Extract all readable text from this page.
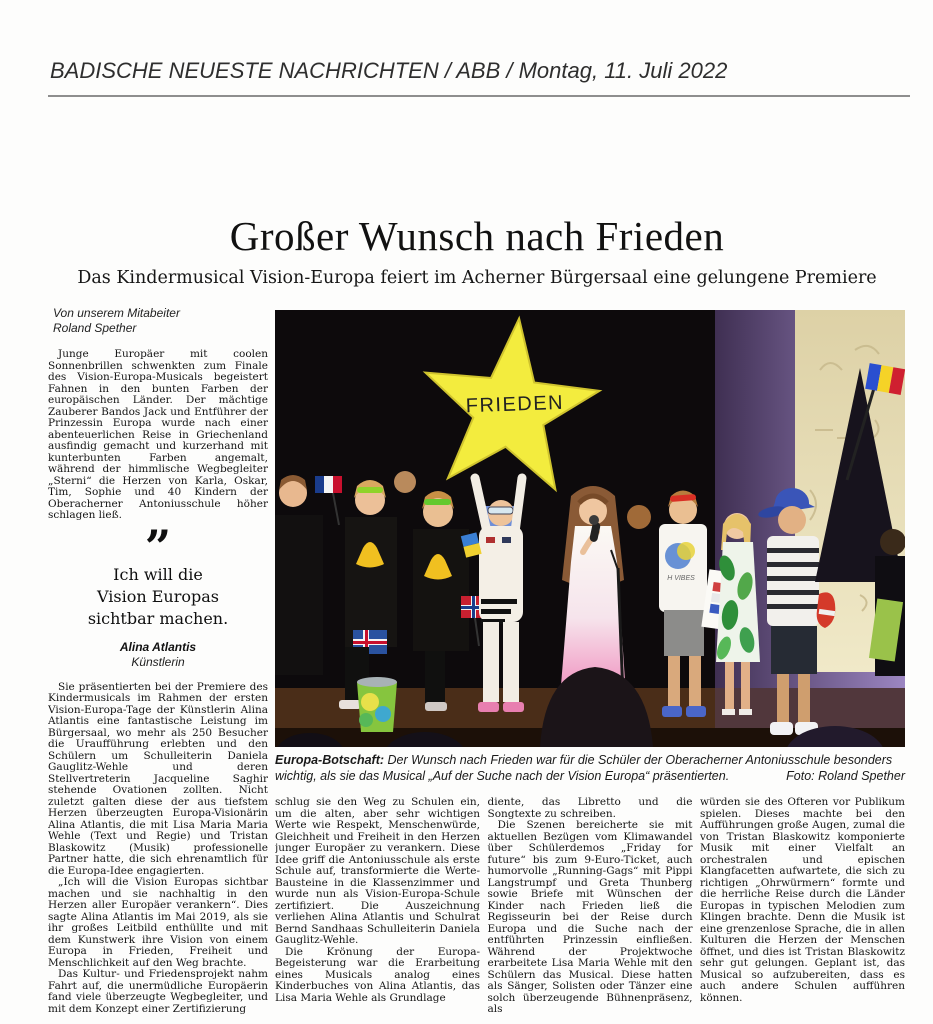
BADISCHE NEUESTE NACHRICHTEN / ABB / Montag, 11. Juli 2022
Großer Wunsch nach Frieden
Das Kindermusical Vision-Europa feiert im Acherner Bürgersaal eine gelungene Premiere
Von unserem Mitabeiter
Roland Spether

Junge Europäer mit coolen Sonnenbrillen schwenkten zum Finale des Vision-Europa-Musicals begeistert Fahnen in den bunten Farben der europäischen Länder. Der mächtige Zauberer Bandos Jack und Entführer der Prinzessin Europa wurde nach einer abenteuerlichen Reise in Griechenland ausfindig gemacht und kurzerhand mit kunterbunten Farben angemalt, während der himmlische Wegbegleiter „Sterni“ die Herzen von Karla, Oskar, Tim, Sophie und 40 Kindern der Oberacherner Antoniusschule höher schlagen ließ.

”
Ich will die
Vision Europas
sichtbar machen.
Alina Atlantis
Künstlerin

Sie präsentierten bei der Premiere des Kindermusicals im Rahmen der ersten Vision-Europa-Tage der Künstlerin Alina Atlantis eine fantastische Leistung im Bürgersaal, wo mehr als 250 Besucher die Uraufführung erlebten und den Schülern um Schulleiterin Daniela Gauglitz-Wehle und deren Stellvertreterin Jacqueline Saghir stehende Ovationen zollten. Nicht zuletzt galten diese der aus tiefstem Herzen überzeugten Europa-Visionärin Alina Atlantis, die mit Lisa Maria Maria Wehle (Text und Regie) und Tristan Blaskowitz (Musik) professionelle Partner hatte, die sich ehrenamtlich für die Europa-Idee engagierten.

„Ich will die Vision Europas sichtbar machen und sie nachhaltig in den Herzen aller Europäer verankern“. Dies sagte Alina Atlantis im Mai 2019, als sie ihr großes Leitbild enthüllte und mit dem Kunstwerk ihre Vision von einem Europa in Frieden, Freiheit und Menschlichkeit auf den Weg brachte.

Das Kultur- und Friedensprojekt nahm Fahrt auf, die unermüdliche Europäerin fand viele überzeugte Wegbegleiter, und mit dem Konzept einer Zertifizierung

FRIEDEN
H VIBES
Europa-Botschaft: Der Wunsch nach Frieden war für die Schüler der Oberacherner Antoniusschule besonders wichtig, als sie das Musical „Auf der Suche nach der Vision Europa“ präsentierten.	Foto: Roland Spether

schlug sie den Weg zu Schulen ein, um die alten, aber sehr wichtigen Werte wie Respekt, Menschenwürde, Gleichheit und Freiheit in den Herzen junger Europäer zu verankern. Diese Idee griff die Antoniusschule als erste Schule auf, transformierte die Werte-Bausteine in die Klassenzimmer und wurde nun als Vision-Europa-Schule zertifiziert. Die Auszeichnung verliehen Alina Atlantis und Schulrat Bernd Sandhaas Schulleiterin Daniela Gauglitz-Wehle.

Die Krönung der Europa-Begeisterung war die Erarbeitung eines Musicals analog eines Kinderbuches von Alina Atlantis, das Lisa Maria Wehle als Grundlage

diente, das Libretto und die Songtexte zu schreiben.

Die Szenen bereicherte sie mit aktuellen Bezügen vom Klimawandel über Schülerdemos „Friday for future“ bis zum 9-Euro-Ticket, auch humorvolle „Running-Gags“ mit Pippi Langstrumpf und Greta Thunberg sowie Briefe mit Wünschen der Kinder nach Frieden ließ die Regisseurin bei der Reise durch Europa und die Suche nach der entführten Prinzessin einfließen. Während der Projektwoche erarbeitete Lisa Maria Wehle mit den Schülern das Musical. Diese hatten als Sänger, Solisten oder Tänzer eine solch überzeugende Bühnenpräsenz, als

würden sie des Öfteren vor Publikum spielen. Dieses machte bei den Aufführungen große Augen, zumal die von Tristan Blaskowitz komponierte Musik mit einer Vielfalt an orchestralen und epischen Klangfacetten aufwartete, die sich zu richtigen „Ohrwürmern“ formte und die herrliche Reise durch die Länder Europas in typischen Melodien zum Klingen brachte. Denn die Musik ist eine grenzenlose Sprache, die in allen Kulturen die Herzen der Menschen öffnet, und dies ist Tristan Blaskowitz sehr gut gelungen. Geplant ist, das Musical so aufzubereiten, dass es auch andere Schulen aufführen können.
